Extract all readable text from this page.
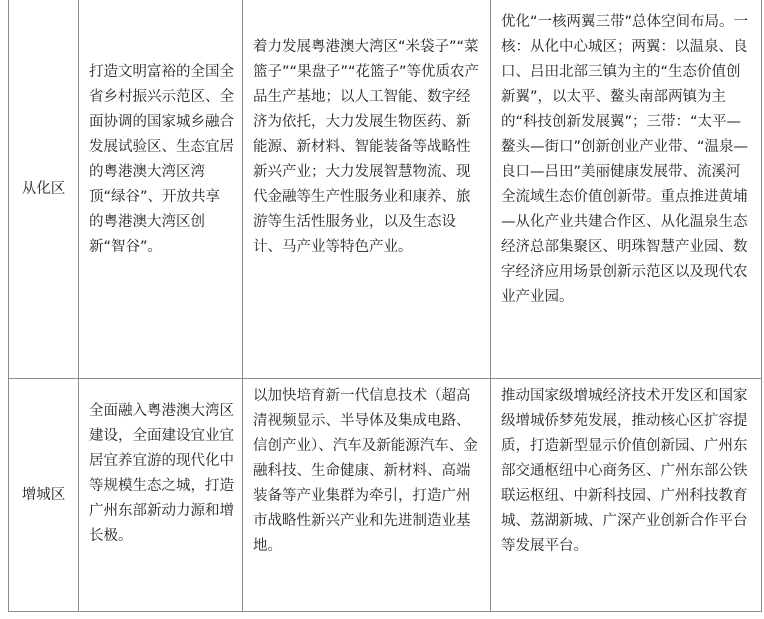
从化区	打造文明富裕的全国全省乡村振兴示范区、全面协调的国家城乡融合发展试验区、生态宜居的粤港澳大湾区湾顶“绿谷”、开放共享的粤港澳大湾区创新“智谷”。	着力发展粤港澳大湾区“米袋子”“菜篮子”“果盘子”“花篮子”等优质农产品生产基地；以人工智能、数字经济为依托，大力发展生物医药、新能源、新材料、智能装备等战略性新兴产业；大力发展智慧物流、现代金融等生产性服务业和康养、旅游等生活性服务业，以及生态设计、马产业等特色产业。	优化“一核两翼三带”总体空间布局。一核：从化中心城区；两翼：以温泉、良口、吕田北部三镇为主的“生态价值创新翼”，以太平、鳌头南部两镇为主的“科技创新发展翼”；三带：“太平—鳌头—街口”创新创业产业带、“温泉—良口—吕田”美丽健康发展带、流溪河全流域生态价值创新带。重点推进黄埔—从化产业共建合作区、从化温泉生态经济总部集聚区、明珠智慧产业园、数字经济应用场景创新示范区以及现代农业产业园。

增城区	全面融入粤港澳大湾区建设，全面建设宜业宜居宜养宜游的现代化中等规模生态之城，打造广州东部新动力源和增长极。	以加快培育新一代信息技术（超高清视频显示、半导体及集成电路、信创产业）、汽车及新能源汽车、金融科技、生命健康、新材料、高端装备等产业集群为牵引，打造广州市战略性新兴产业和先进制造业基地。	推动国家级增城经济技术开发区和国家级增城侨梦苑发展，推动核心区扩容提质，打造新型显示价值创新园、广州东部交通枢纽中心商务区、广州东部公铁联运枢纽、中新科技园、广州科技教育城、荔湖新城、广深产业创新合作平台等发展平台。
